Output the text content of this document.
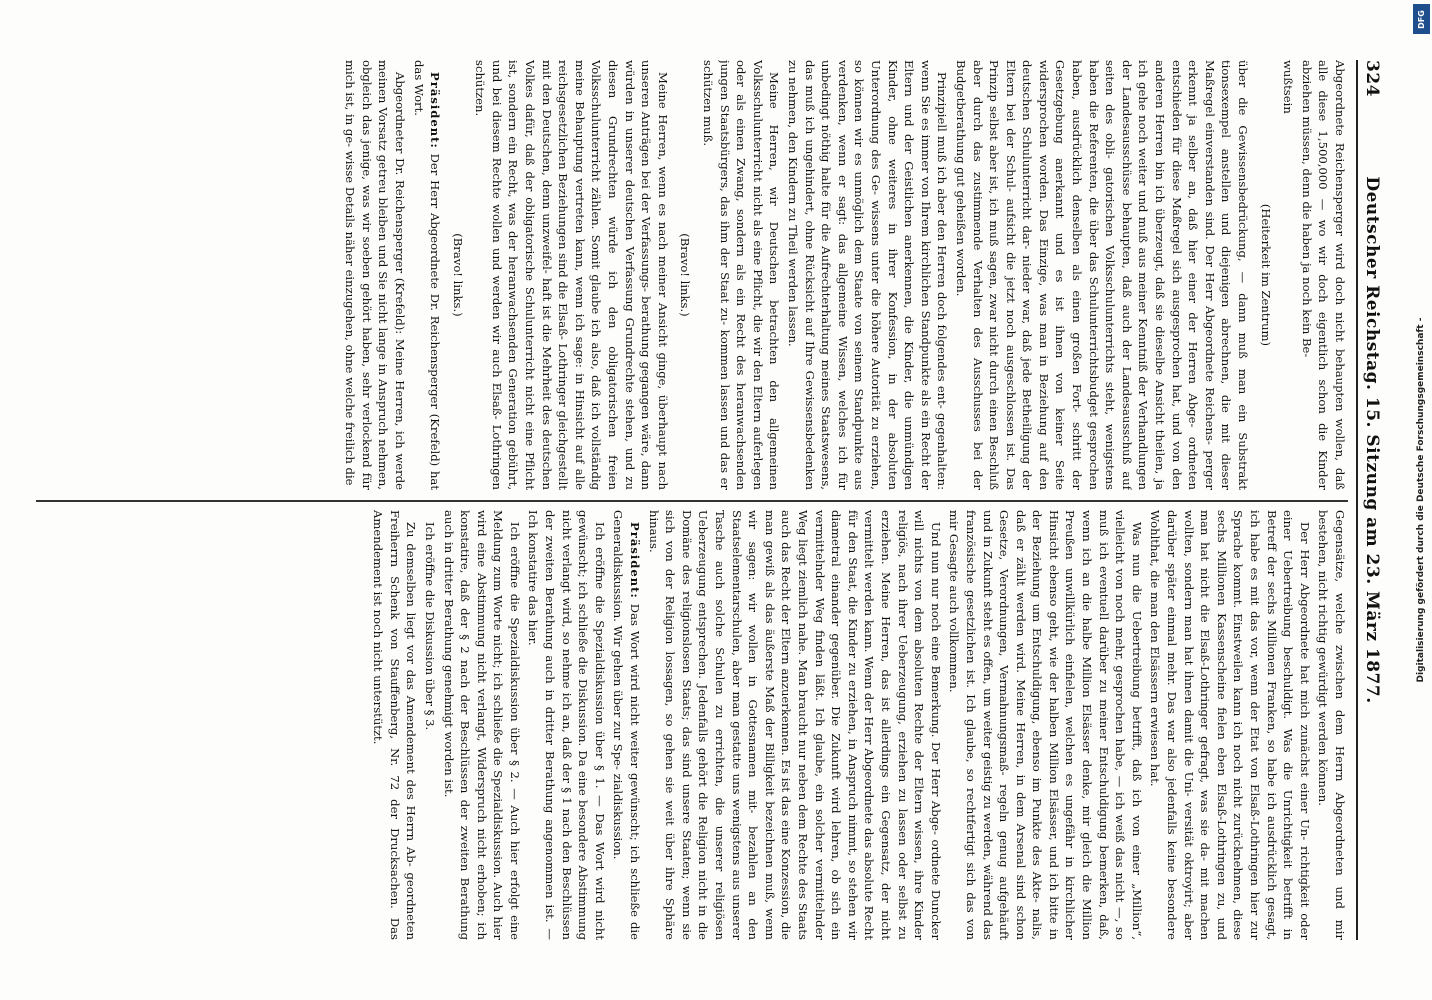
324
Deutscher Reichstag. 15. Sitzung am 23. März 1877.

Abgeordnete Reichensperger wird doch nicht behaupten wollen, daß alle diese 1,500,000 — wo wir doch eigentlich schon die Kinder abziehen müssen, denn die haben ja noch kein Be-

wußtsein

(Heiterkeit im Zentrum)

über die Gewissensbedrückung, — dann muß man ein Substrakt tionsexempel anstellen und diejenigen abrechnen, die mit dieser Maßregel einverstanden sind. Der Herr Abgeordnete Reichens- perger erkennt ja selber an, daß hier einer der Herren Abge- ordneten entschieden für diese Maßregel sich ausgesprochen hat, und von den anderen Herren bin ich überzeugt, daß sie dieselbe Ansicht theilen, ja ich gehe noch weiter und muß aus meiner Kenntniß der Verhandlungen der Landesausschüsse behaupten, daß auch der Landesausschuß auf seiten des obli- gatorischen Volksschulunterrichts steht, wenigstens haben die Referenten, die über das Schulunterrichtsbudget gesprochen haben, ausdrücklich denselben als einen großen Fort- schritt der Gesetzgebung anerkannt und es ist ihnen von keiner Seite widersprochen worden. Das Einzige, was man in Beziehung auf den deutschen Schulunterricht dar- nieder war, daß jede Betheiligung der Eltern bei der Schul- aufsicht die jetzt noch ausgeschlossen ist. Das Prinzip selbst aber ist, ich muß sagen, zwar nicht durch einen Beschluß aber durch das zustimmende Verhalten des Ausschusses bei der Budgetberathung gut geheißen worden.

Prinzipiell muß ich aber den Herren doch folgendes ent- gegenhalten: wenn Sie es immer von Ihrem kirchlichen Standpunkte als ein Recht der Eltern und der Geistlichen anerkennen, die Kinder, die unmündigen Kinder, ohne weiteres in ihrer Konfession, in der absoluten Unterordnung des Ge- wissens unter die höhere Autorität zu erziehen, so können wir es unmöglich dem Staate von seinem Standpunkte aus verdenken, wenn er sagt: das allgemeine Wissen, welches ich für unbedingt nöthig halte für die Aufrechterhaltung meines Staatswesens, das muß ich ungehindert, ohne Rücksicht auf Ihre Gewissensbedenken zu nehmen, den Kindern zu Theil werden lassen.

Meine Herren, wir Deutschen betrachten den allgemeinen Volksschulunterricht nicht als eine Pflicht, die wir den Eltern auferlegen oder als einen Zwang, sondern als ein Recht des heranwachsenden jungen Staatsbürgers, das ihm der Staat zu- kommen lassen und das er schützen muß.

(Bravo! links.)

Meine Herren, wenn es nach meiner Ansicht ginge, überhaupt nach unseren Anträgen bei der Verfassungs- berathung gegangen wäre, dann würden in unserer deutschen Verfassung Grundrechte stehen, und zu diesen Grundrechten würde ich den obligatorischen freien Volksschulunterricht zählen. Somit glaube ich also, daß ich vollständig meine Behauptung vertreten kann, wenn ich sage: in Hinsicht auf alle reichsgesetzlichen Beziehungen sind die Elsaß- Lothringer gleichgestellt mit den Deutschen, denn unzweifel- haft ist die Mehrheit des deutschen Volkes dafür, daß der obligatorische Schulunterricht nicht eine Pflicht ist, sondern ein Recht, was der heranwachsenden Generation gebührt, und bei diesem Rechte wollen und werden wir auch Elsaß- Lothringen schützen.

(Bravo! links.)

Präsident: Der Herr Abgeordnete Dr. Reichensperger (Krefeld) hat das Wort.

Abgeordneter Dr. Reichensperger (Krefeld): Meine Herren, ich werde meinen Vorsatz getreu bleiben und Sie nicht lange in Anspruch nehmen, obgleich das jenige, was wir soeben gehört haben, sehr verlockend für mich ist, in ge- wisse Details näher einzugehen, ohne welche freilich die

Gegensätze, welche zwischen dem Herrn Abgeordneten und mir bestehen, nicht richtig gewürdigt werden können.

Der Herr Abgeordnete hat mich zunächst einer Un- richtigkeit oder einer Uebertreibung beschuldigt. Was die Unrichtigkeit betrifft in Betreff der sechs Millionen Franken, so habe ich ausdrücklich gesagt, ich habe es mit das vor, wenn der Etat von Elsaß-Lothringen hier zur Sprache kommt. Einstweilen kann ich noch nicht zurücknehmen, diese sechs Millionen Kassenscheine fielen eben Elsaß-Lothringen zu, und man hat nicht die Elsaß-Lothringer gefragt, was sie da- mit machen wollten, sondern man hat ihnen damit die Uni- versität oktroyirt; aber darüber später einmal mehr. Das war also jedenfalls keine besondere Wohlthat, die man den Elsässern erwiesen hat.

Was nun die Uebertreibung betrifft, daß ich von einer „Million“, vielleicht von noch mehr, gesprochen habe, — ich weiß das nicht —, so muß ich eventuell darüber zu meiner Entschuldigung bemerken, daß, wenn ich an die halbe Million Elsässer denke, mir gleich die Million Preußen unwillkürlich einfielen, welchen es ungefähr in kirchlicher Hinsicht ebenso geht, wie der halben Million Elsässer, und ich bitte in der Beziehung um Entschuldigung, ebenso im Punkte des Akte- nalis, daß er zählt werden wird. Meine Herren, in dem Arsenal sind schon Gesetze, Verordnungen, Vermahnungsmaß- regeln genug aufgehäuft und in Zukunft steht es offen, um weiter geistig zu werden, während das französische gesetzlichen ist. Ich glaube, so rechtfertigt sich das von mir Gesagte auch vollkommen.

Und nun nur noch eine Bemerkung. Der Herr Abge- ordnete Duncker will nichts von dem absoluten Rechte der Eltern wissen, ihre Kinder religiös, nach ihrer Ueberzeugung, erziehen zu lassen oder selbst zu erziehen. Meine Herren, das ist allerdings ein Gegensatz, der nicht vermittelt werden kann. Wenn der Herr Abgeordnete das absolute Recht für den Staat, die Kinder zu erziehen, in Anspruch nimmt, so stehen wir diametral einander gegenüber. Die Zukunft wird lehren, ob sich ein vermittelnder Weg finden läßt. Ich glaube, ein solcher vermittelnder Weg liegt ziemlich nahe. Man braucht nur neben dem Rechte des Staats auch das Recht der Eltern anzuerkennen. Es ist das eine Konzession, die man gewiß als das äußerste Maß der Billigkeit bezeichnen muß, wenn wir sagen: wir wollen in Gottesnamen mit- bezahlen an den Staatselementarschulen, aber man gestatte uns wenigstens aus unserer Tasche auch solche Schulen zu errichten, die unserer religiösen Ueberzeugung entsprechen. Jedenfalls gehört die Religion nicht in die Domäne des religionslosen Staats; das sind unsere Staaten; wenn sie sich von der Religion lossagen, so gehen sie weit über ihre Sphäre hinaus.

Präsident: Das Wort wird nicht weiter gewünscht; ich schließe die Generaldiskussion. Wir gehen über zur Spe- zialdiskussion.

Ich eröffne die Spezialdiskussion über § 1. — Das Wort wird nicht gewünscht; ich schließe die Diskussion. Da eine besondere Abstimmung nicht verlangt wird, so nehme ich an, daß der § 1 nach den Beschlüssen der zweiten Berathung auch in dritter Berathung angenommen ist. — Ich konstatire das hier.

Ich eröffne die Spezialdiskussion über § 2. — Auch hier erfolgt eine Meldung zum Worte nicht; ich schließe die Spezialdiskussion. Auch hier wird eine Abstimmung nicht verlangt, Widerspruch nicht erhoben; ich konstatire, daß der § 2 nach der Beschlüssen der zweiten Berathung auch in dritter Berathung genehmigt worden ist.

Ich eröffne die Diskussion über § 3.

Zu demselben liegt vor das Amendement des Herrn Ab- geordneten Freiherrn Schenk von Stauffenberg, Nr. 72 der Drucksachen. Das Amendement ist noch nicht unterstützt.	Digitalisierung gefördert durch die Deutsche Forschungsgemeinschaft -
DFG
